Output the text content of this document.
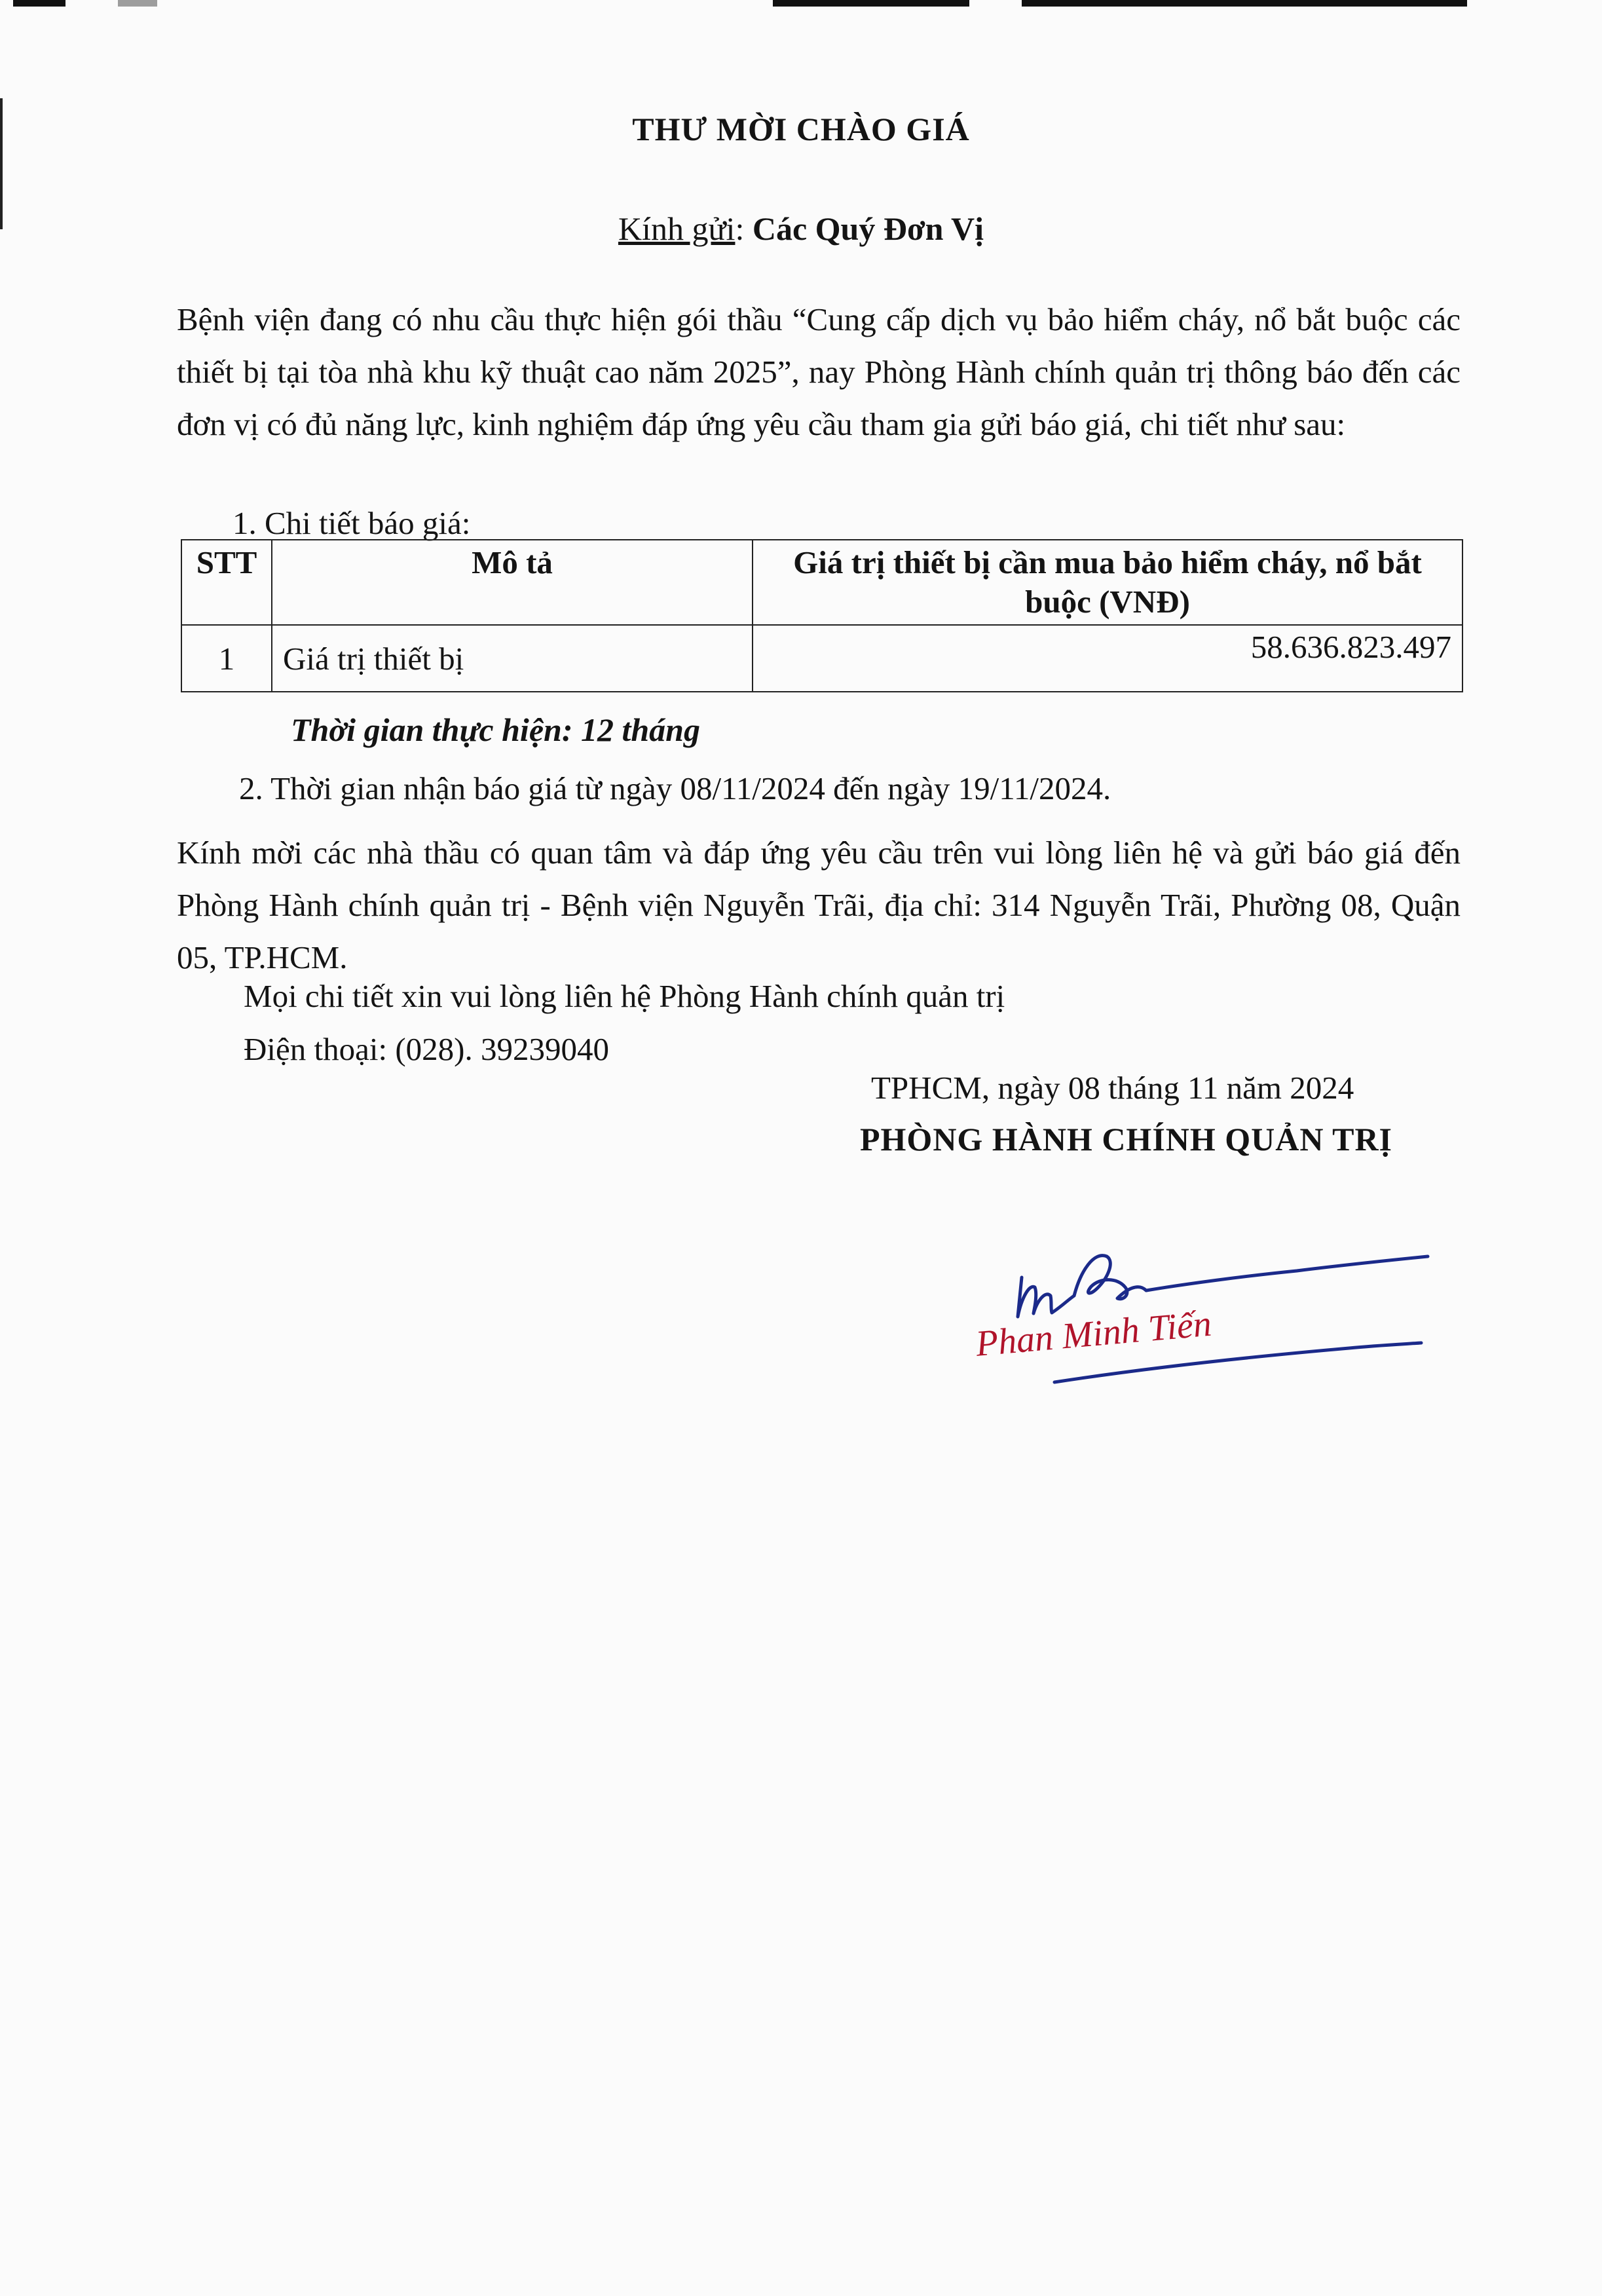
THƯ MỜI CHÀO GIÁ
Kính gửi: Các Quý Đơn Vị
Bệnh viện đang có nhu cầu thực hiện gói thầu “Cung cấp dịch vụ bảo hiểm cháy, nổ bắt buộc các thiết bị tại tòa nhà khu kỹ thuật cao năm 2025”, nay Phòng Hành chính quản trị thông báo đến các đơn vị có đủ năng lực, kinh nghiệm đáp ứng yêu cầu tham gia gửi báo giá, chi tiết như sau:
1. Chi tiết báo giá:
STT	Mô tả	Giá trị thiết bị cần mua bảo hiểm cháy, nổ bắt buộc (VNĐ)
1	Giá trị thiết bị	58.636.823.497
Thời gian thực hiện: 12 tháng
2. Thời gian nhận báo giá từ ngày 08/11/2024 đến ngày 19/11/2024.
Kính mời các nhà thầu có quan tâm và đáp ứng yêu cầu trên vui lòng liên hệ và gửi báo giá đến Phòng Hành chính quản trị - Bệnh viện Nguyễn Trãi, địa chỉ: 314 Nguyễn Trãi, Phường 08, Quận 05, TP.HCM.
Mọi chi tiết xin vui lòng liên hệ Phòng Hành chính quản trị
Điện thoại: (028). 39239040
TPHCM, ngày 08 tháng 11 năm 2024
PHÒNG HÀNH CHÍNH QUẢN TRỊ
Phan Minh Tiến
